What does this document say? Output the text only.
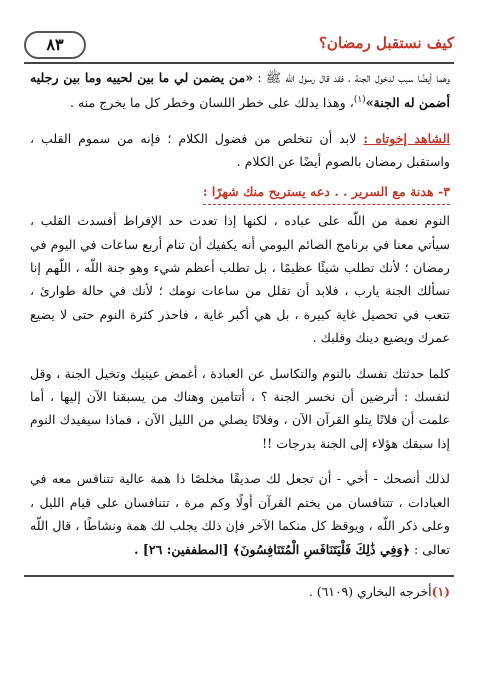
كيف نستقبل رمضان؟
٨٣

وهما أيضًا سبب لدخول الجنة ، فقد قال رسول اللّه ﷺ : «من يضمن لي ما بين لحييه وما بين رجليه أضمن له الجنة»$^{(١)}$، وهذا يدلك على خطر اللسان وخطر كل ما يخرج منه .

الشاهد إخوتاه : لابد أن تتخلص من فضول الكلام ؛ فإنه من سموم القلب ، واستقبل رمضان بالصوم أيضًا عن الكلام .

٣- هدنة مع السرير . . دعه يستريح منك شهرًا :

النوم نعمة من اللّه على عباده ، لكنها إذا تعدت حد الإفراط أفسدت القلب ، سيأتي معنا في برنامج الصائم اليومي أنه يكفيك أن تنام أربع ساعات في اليوم في رمضان ؛ لأنك تطلب شيئًا عظيمًا ، بل تطلب أعظم شيء وهو جنة اللّه ، اللّهم إنا نسألك الجنة يارب ، فلابد أن تقلل من ساعات نومك ؛ لأنك في حالة طوارئ ، تتعب في تحصيل غاية كبيرة ، بل هي أكبر غاية ، فاحذر كثرة النوم حتى لا يضيع عمرك ويضيع دينك وقلبك .

كلما حدثتك نفسك بالنوم والتكاسل عن العبادة ، أغمض عينيك وتخيل الجنة ، وقل لنفسك : أترضين أن نخسر الجنة ؟ ، أتتامين وهناك من يسبقنا الآن إليها ، أما علمت أن فلانًا يتلو القرآن الآن ، وفلانًا يصلي من الليل الآن ، فماذا سيفيدك النوم إذا سبقك هؤلاء إلى الجنة بدرجات !!

لذلك أنصحك - أخي - أن تجعل لك صديقًا مخلصًا ذا همة عالية تتنافس معه في العبادات ، تتنافسان من يختم القرآن أولًا وكم مرة ، تتنافسان على قيام الليل ، وعلى ذكر اللّه ، ويوقظ كل منكما الآخر فإن ذلك يجلب لك همة ونشاطًا ، قال اللّه تعالى : ﴿وَفِي ذَٰلِكَ فَلْيَتَنَافَسِ الْمُتَنَافِسُونَ﴾ [المطففين: ٢٦] .

(١)أخرجه البخاري (٦١٠٩) .
